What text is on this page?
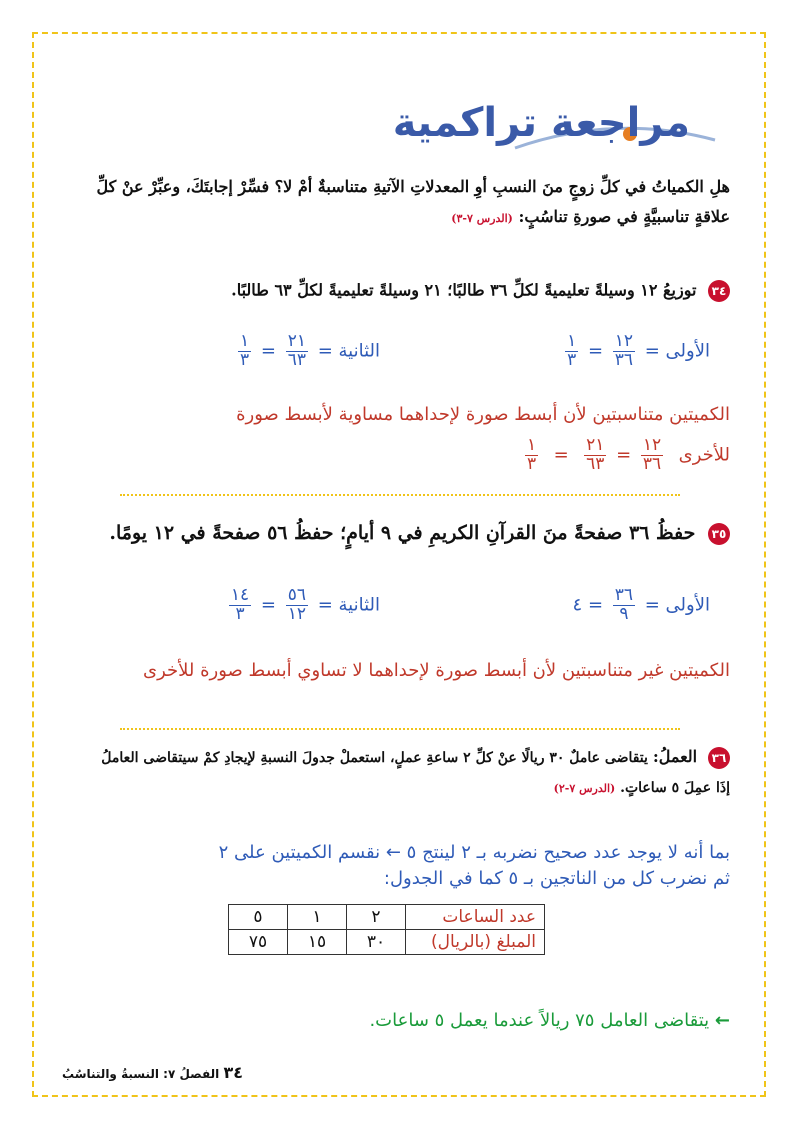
مراجعة تراكمية
هلِ الكمياتُ في كلِّ زوجٍ منَ النسبِ أوِ المعدلاتِ الآتيةِ متناسبةٌ أمْ لا؟ فسِّرْ إجابتَكَ، وعبِّرْ عنْ كلِّ علاقةٍ تناسبيَّةٍ في صورةِ تناسُبٍ: (الدرس ٧-٣)
٣٤ توزيعُ ١٢ وسيلةً تعليميةً لكلِّ ٣٦ طالبًا؛ ٢١ وسيلةً تعليميةً لكلِّ ٦٣ طالبًا.
الأولى =
$\frac{١٢}{٣٦}$
=
$\frac{١}{٣}$
الثانية =
$\frac{٢١}{٦٣}$
=
$\frac{١}{٣}$
الكميتين متناسبتين لأن أبسط صورة لإحداهما مساوية لأبسط صورة
للأخرى
$\frac{١٢}{٣٦}$
=
$\frac{٢١}{٦٣}$
=
$\frac{١}{٣}$
٣٥ حفظُ ٣٦ صفحةً منَ القرآنِ الكريمِ في ٩ أيامٍ؛ حفظُ ٥٦ صفحةً في ١٢ يومًا.
الأولى =
$\frac{٣٦}{٩}$
= ٤
الثانية =
$\frac{٥٦}{١٢}$
=
$\frac{١٤}{٣}$
الكميتين غير متناسبتين لأن أبسط صورة لإحداهما لا تساوي أبسط صورة للأخرى
٣٦ العملُ: يتقاضى عاملٌ ٣٠ ريالًا عنْ كلِّ ٢ ساعةِ عملٍ، استعملْ جدولَ النسبةِ لإيجادِ كمْ سيتقاضى العاملُ إذَا عمِلَ ٥ ساعاتٍ. (الدرس ٧-٢)
بما أنه لا يوجد عدد صحيح نضربه بـ ٢ لينتج ٥ ← نقسم الكميتين على ٢
ثم نضرب كل من الناتجين بـ ٥ كما في الجدول:
عدد الساعات	٢	١	٥
المبلغ (بالريال)	٣٠	١٥	٧٥
← يتقاضى العامل ٧٥ رياﻻً عندما يعمل ٥ ساعات.
٣٤ الفصلُ ٧: النسبةُ والتناسُبُ
